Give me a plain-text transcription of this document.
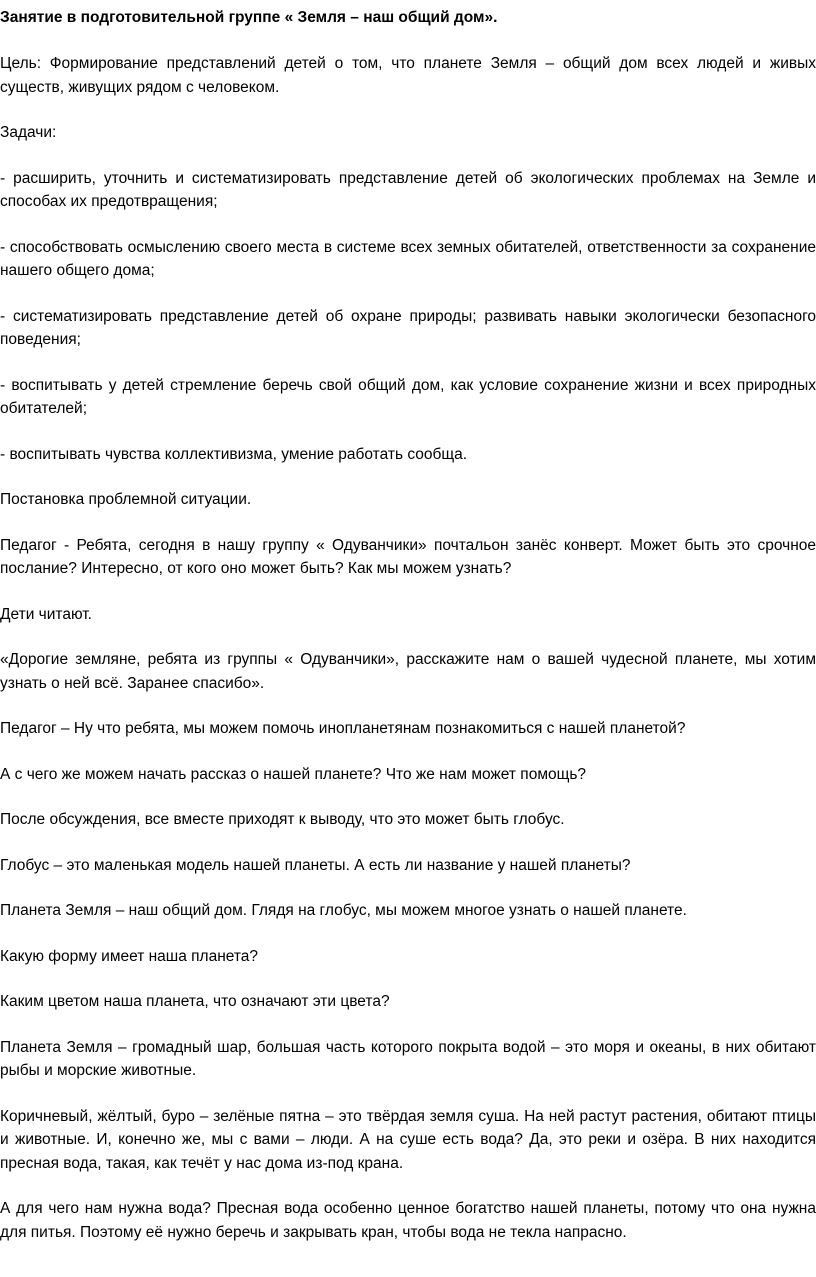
Занятие в подготовительной группе « Земля – наш общий дом».

Цель: Формирование представлений детей о том, что планете Земля – общий дом всех людей и живых существ, живущих рядом с человеком.

Задачи:

- расширить, уточнить и систематизировать представление детей об экологических проблемах на Земле и способах их предотвращения;

- способствовать осмыслению своего места в системе всех земных обитателей, ответственности за сохранение нашего общего дома;

- систематизировать представление детей об охране природы; развивать навыки экологически безопасного поведения;

- воспитывать у детей стремление беречь свой общий дом, как условие сохранение жизни и всех природных обитателей;

- воспитывать чувства коллективизма, умение работать сообща.

Постановка проблемной ситуации.

Педагог - Ребята, сегодня в нашу группу « Одуванчики» почтальон занёс конверт. Может быть это срочное послание? Интересно, от кого оно может быть? Как мы можем узнать?

Дети читают.

«Дорогие земляне, ребята из группы « Одуванчики», расскажите нам о вашей чудесной планете, мы хотим узнать о ней всё. Заранее спасибо».

Педагог – Ну что ребята, мы можем помочь инопланетянам познакомиться с нашей планетой?

А с чего же можем начать рассказ о нашей планете? Что же нам может помощь?

После обсуждения, все вместе приходят к выводу, что это может быть глобус.

Глобус – это маленькая модель нашей планеты. А есть ли название у нашей планеты?

Планета Земля – наш общий дом. Глядя на глобус, мы можем многое узнать о нашей планете.

Какую форму имеет наша планета?

Каким цветом наша планета, что означают эти цвета?

Планета Земля – громадный шар, большая часть которого покрыта водой – это моря и океаны, в них обитают рыбы и морские животные.

Коричневый, жёлтый, буро – зелёные пятна – это твёрдая земля суша. На ней растут растения, обитают птицы и животные. И, конечно же, мы с вами – люди. А на суше есть вода? Да, это реки и озёра. В них находится пресная вода, такая, как течёт у нас дома из-под крана.

А для чего нам нужна вода? Пресная вода особенно ценное богатство нашей планеты, потому что она нужна для питья. Поэтому её нужно беречь и закрывать кран, чтобы вода не текла напрасно.
